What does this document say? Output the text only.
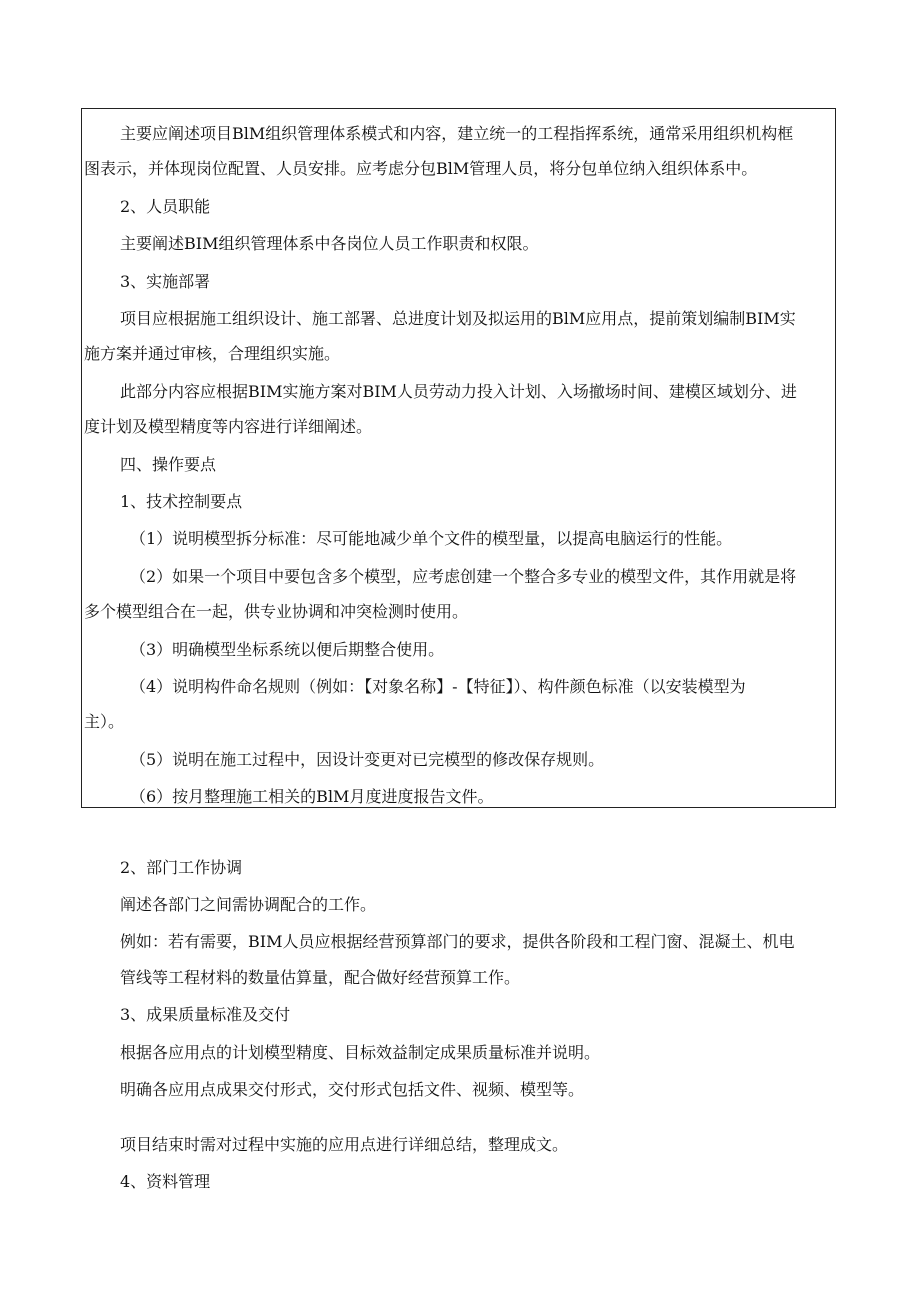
主要应阐述项目BlM组织管理体系模式和内容，建立统一的工程指挥系统，通常采用组织机构框
图表示，并体现岗位配置、人员安排。应考虑分包BlM管理人员，将分包单位纳入组织体系中。
2、人员职能
主要阐述BIM组织管理体系中各岗位人员工作职责和权限。
3、实施部署
项目应根据施工组织设计、施工部署、总进度计划及拟运用的BlM应用点，提前策划编制BIM实
施方案并通过审核，合理组织实施。
此部分内容应根据BIM实施方案对BIM人员劳动力投入计划、入场撤场时间、建模区域划分、进
度计划及模型精度等内容进行详细阐述。
四、操作要点
1、技术控制要点
（1）说明模型拆分标准：尽可能地减少单个文件的模型量，以提高电脑运行的性能。
（2）如果一个项目中要包含多个模型，应考虑创建一个整合多专业的模型文件，其作用就是将
多个模型组合在一起，供专业协调和冲突检测时使用。
（3）明确模型坐标系统以便后期整合使用。
（4）说明构件命名规则（例如：【对象名称】-【特征】）、构件颜色标准（以安装模型为
主）。
（5）说明在施工过程中，因设计变更对已完模型的修改保存规则。
（6）按月整理施工相关的BlM月度进度报告文件。
2、部门工作协调
阐述各部门之间需协调配合的工作。
例如：若有需要，BIM人员应根据经营预算部门的要求，提供各阶段和工程门窗、混凝土、机电
管线等工程材料的数量估算量，配合做好经营预算工作。
3、成果质量标准及交付
根据各应用点的计划模型精度、目标效益制定成果质量标准并说明。
明确各应用点成果交付形式，交付形式包括文件、视频、模型等。
项目结束时需对过程中实施的应用点进行详细总结，整理成文。
4、资料管理
